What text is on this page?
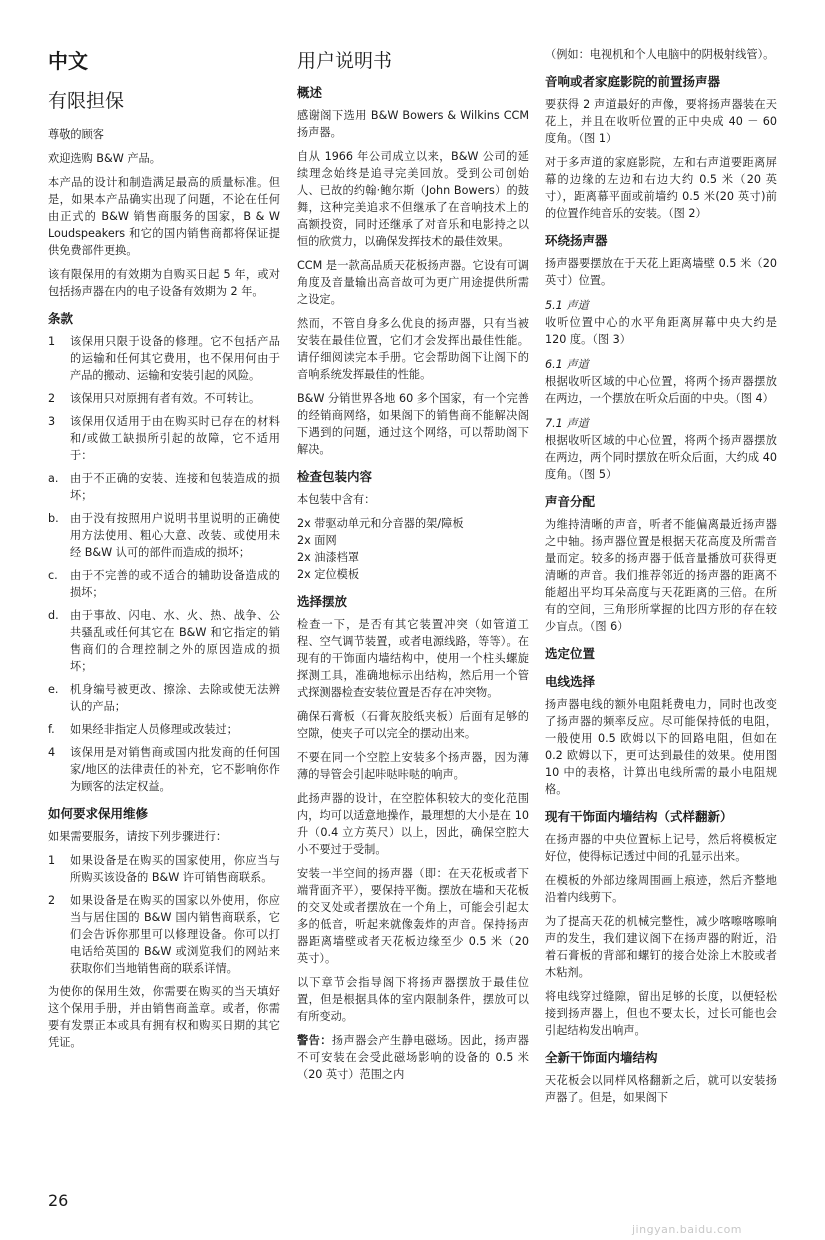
中文
有限担保

尊敬的顾客

欢迎选购 B&W 产品。

本产品的设计和制造满足最高的质量标准。但是，如果本产品确实出现了问题，不论在任何由正式的 B&W 销售商服务的国家，B & W Loudspeakers 和它的国内销售商都将保证提供免费部件更换。

该有限保用的有效期为自购买日起 5 年，或对包括扬声器在内的电子设备有效期为 2 年。

条款
1 该保用只限于设备的修理。它不包括产品的运输和任何其它费用，也不保用何由于产品的搬动、运输和安装引起的风险。
2 该保用只对原拥有者有效。不可转让。
3 该保用仅适用于由在购买时已存在的材料和/或做工缺损所引起的故障，它不适用于：
a. 由于不正确的安装、连接和包装造成的损坏；
b. 由于没有按照用户说明书里说明的正确使用方法使用、粗心大意、改装、或使用未经 B&W 认可的部件而造成的损坏；
c. 由于不完善的或不适合的辅助设备造成的损坏；
d. 由于事故、闪电、水、火、热、战争、公共骚乱或任何其它在 B&W 和它指定的销售商们的合理控制之外的原因造成的损坏；
e. 机身编号被更改、擦涂、去除或使无法辨认的产品；
f. 如果经非指定人员修理或改装过；
4 该保用是对销售商或国内批发商的任何国家/地区的法律责任的补充，它不影响你作为顾客的法定权益。
如何要求保用维修

如果需要服务，请按下列步骤进行：

1 如果设备是在购买的国家使用，你应当与所购买该设备的 B&W 许可销售商联系。
2 如果设备是在购买的国家以外使用，你应当与居住国的 B&W 国内销售商联系，它们会告诉你那里可以修理设备。你可以打电话给英国的 B&W 或浏览我们的网站来获取你们当地销售商的联系详情。

为使你的保用生效，你需要在购买的当天填好这个保用手册，并由销售商盖章。或者，你需要有发票正本或具有拥有权和购买日期的其它凭证。

用户说明书
概述

感谢阁下选用 B&W Bowers & Wilkins CCM 扬声器。

自从 1966 年公司成立以来，B&W 公司的延续理念始终是追寻完美回放。受到公司创始人、已故的约翰·鲍尔斯（John Bowers）的鼓舞，这种完美追求不但继承了在音响技术上的高额投资，同时还继承了对音乐和电影持之以恒的欣赏力，以确保发挥技术的最佳效果。

CCM 是一款高品质天花板扬声器。它设有可调角度及音量输出高音故可为更广用途提供所需之设定。

然而，不管自身多么优良的扬声器，只有当被安装在最佳位置，它们才会发挥出最佳性能。请仔细阅读完本手册。它会帮助阁下让阁下的音响系统发挥最佳的性能。

B&W 分销世界各地 60 多个国家，有一个完善的经销商网络，如果阁下的销售商不能解决阁下遇到的问题，通过这个网络，可以帮助阁下解决。

检查包装内容

本包装中含有：

2x 带驱动单元和分音器的架/障板
2x 面网
2x 油漆档罩
2x 定位模板
选择摆放

检查一下，是否有其它装置冲突（如管道工程、空气调节装置，或者电源线路，等等）。在现有的干饰面内墙结构中，使用一个柱头螺旋探测工具，准确地标示出结构，然后用一个管式探测器检查安装位置是否存在冲突物。

确保石膏板（石膏灰胶纸夹板）后面有足够的空隙，使夹子可以完全的摆动出来。

不要在同一个空腔上安装多个扬声器，因为薄薄的导管会引起咔哒咔哒的响声。

此扬声器的设计，在空腔体积较大的变化范围内，均可以适意地操作，最理想的大小是在 10 升（0.4 立方英尺）以上，因此，确保空腔大小不要过于受制。

安装一半空间的扬声器（即：在天花板或者下端背面齐平），要保持平衡。摆放在墙和天花板的交叉处或者摆放在一个角上，可能会引起太多的低音，听起来就像轰炸的声音。保持扬声器距离墙壁或者天花板边缘至少 0.5 米（20 英寸）。

以下章节会指导阁下将扬声器摆放于最佳位置，但是根据具体的室内限制条件，摆放可以有所变动。

警告：扬声器会产生静电磁场。因此，扬声器不可安装在会受此磁场影响的设备的 0.5 米（20 英寸）范围之内

（例如：电视机和个人电脑中的阴极射线管）。

音响或者家庭影院的前置扬声器

要获得 2 声道最好的声像，要将扬声器装在天花上，并且在收听位置的正中央成 40 － 60 度角。（图 1）

对于多声道的家庭影院，左和右声道要距离屏幕的边缘的左边和右边大约 0.5 米（20 英寸），距离幕平面或前墙约 0.5 米(20 英寸)前的位置作纯音乐的安装。（图 2）

环绕扬声器

扬声器要摆放在于天花上距离墙壁 0.5 米（20 英寸）位置。

5.1 声道

收听位置中心的水平角距离屏幕中央大约是 120 度。（图 3）

6.1 声道

根据收听区域的中心位置，将两个扬声器摆放在两边，一个摆放在听众后面的中央。（图 4）

7.1 声道

根据收听区域的中心位置，将两个扬声器摆放在两边，两个同时摆放在听众后面，大约成 40 度角。（图 5）

声音分配

为维持清晰的声音，听者不能偏离最近扬声器之中轴。扬声器位置是根据天花高度及所需音量而定。较多的扬声器于低音量播放可获得更清晰的声音。我们推荐邻近的扬声器的距离不能超出平均耳朵高度与天花距离的三倍。在所有的空间，三角形所掌握的比四方形的存在较少盲点。（图 6）

选定位置
电线选择

扬声器电线的额外电阻耗费电力，同时也改变了扬声器的频率反应。尽可能保持低的电阻，一般使用 0.5 欧姆以下的回路电阻，但如在 0.2 欧姆以下，更可达到最佳的效果。使用图 10 中的表格，计算出电线所需的最小电阻规格。

现有干饰面内墙结构（式样翻新）

在扬声器的中央位置标上记号，然后将模板定好位，使得标记透过中间的孔显示出来。

在模板的外部边缘周围画上痕迹，然后齐整地沿着内线剪下。

为了提高天花的机械完整性，减少喀嚓喀嚓响声的发生，我们建议阁下在扬声器的附近，沿着石膏板的背部和螺钉的接合处涂上木胶或者木粘剂。

将电线穿过缝隙，留出足够的长度，以便轻松接到扬声器上，但也不要太长，过长可能也会引起结构发出响声。

全新干饰面内墙结构

天花板会以同样风格翻新之后，就可以安装扬声器了。但是，如果阁下

26
jingyan.baidu.com
